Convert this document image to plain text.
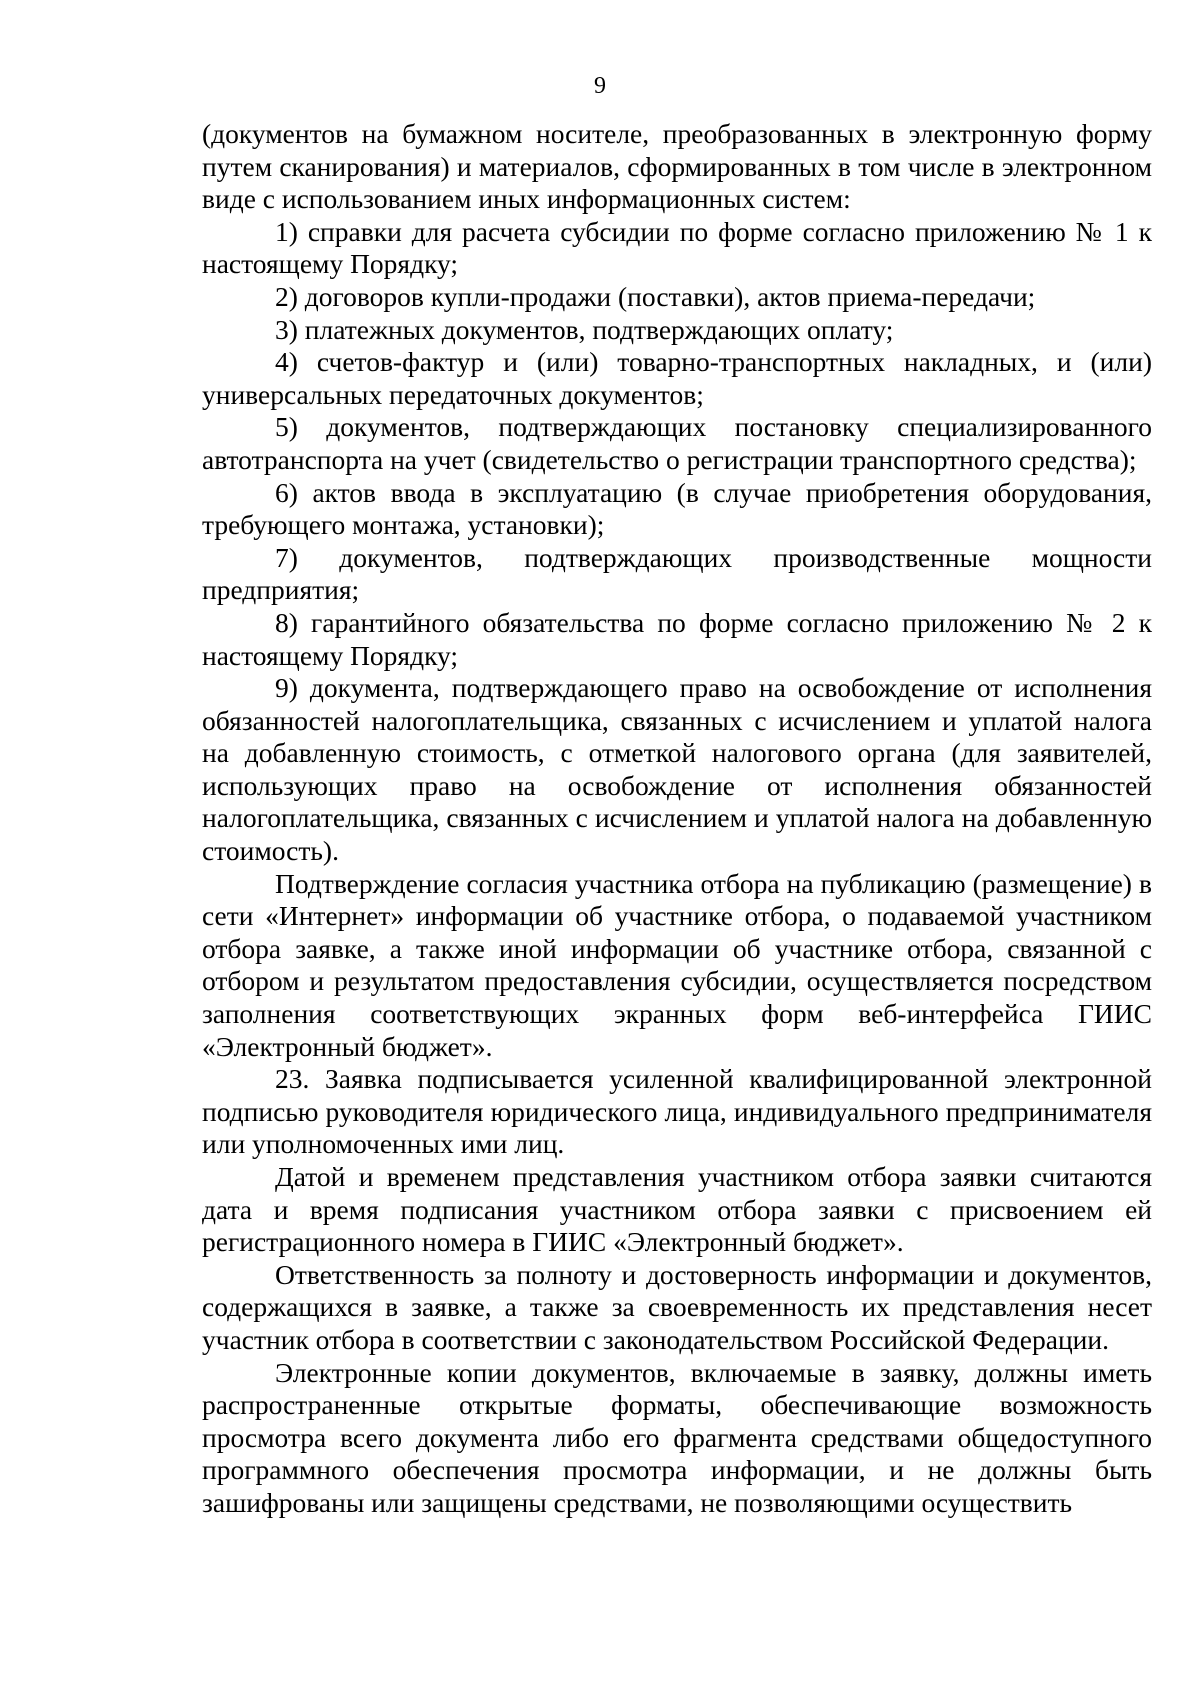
9

(документов на бумажном носителе, преобразованных в электронную форму путем сканирования) и материалов, сформированных в том числе в электронном виде с использованием иных информационных систем:

1) справки для расчета субсидии по форме согласно приложению № 1 к настоящему Порядку;

2) договоров купли-продажи (поставки), актов приема-передачи;

3) платежных документов, подтверждающих оплату;

4) счетов-фактур и (или) товарно-транспортных накладных, и (или) универсальных передаточных документов;

5) документов, подтверждающих постановку специализированного автотранспорта на учет (свидетельство о регистрации транспортного средства);

6) актов ввода в эксплуатацию (в случае приобретения оборудования, требующего монтажа, установки);

7) документов, подтверждающих производственные мощности предприятия;

8) гарантийного обязательства по форме согласно приложению № 2 к настоящему Порядку;

9) документа, подтверждающего право на освобождение от исполнения обязанностей налогоплательщика, связанных с исчислением и уплатой налога на добавленную стоимость, с отметкой налогового органа (для заявителей, использующих право на освобождение от исполнения обязанностей налогоплательщика, связанных с исчислением и уплатой налога на добавленную стоимость).

Подтверждение согласия участника отбора на публикацию (размещение) в сети «Интернет» информации об участнике отбора, о подаваемой участником отбора заявке, а также иной информации об участнике отбора, связанной с отбором и результатом предоставления субсидии, осуществляется посредством заполнения соответствующих экранных форм веб-интерфейса ГИИС «Электронный бюджет».

23. Заявка подписывается усиленной квалифицированной электронной подписью руководителя юридического лица, индивидуального предпринимателя или уполномоченных ими лиц.

Датой и временем представления участником отбора заявки считаются дата и время подписания участником отбора заявки с присвоением ей регистрационного номера в ГИИС «Электронный бюджет».

Ответственность за полноту и достоверность информации и документов, содержащихся в заявке, а также за своевременность их представления несет участник отбора в соответствии с законодательством Российской Федерации.

Электронные копии документов, включаемые в заявку, должны иметь распространенные открытые форматы, обеспечивающие возможность просмотра всего документа либо его фрагмента средствами общедоступного программного обеспечения просмотра информации, и не должны быть зашифрованы или защищены средствами, не позволяющими осуществить
